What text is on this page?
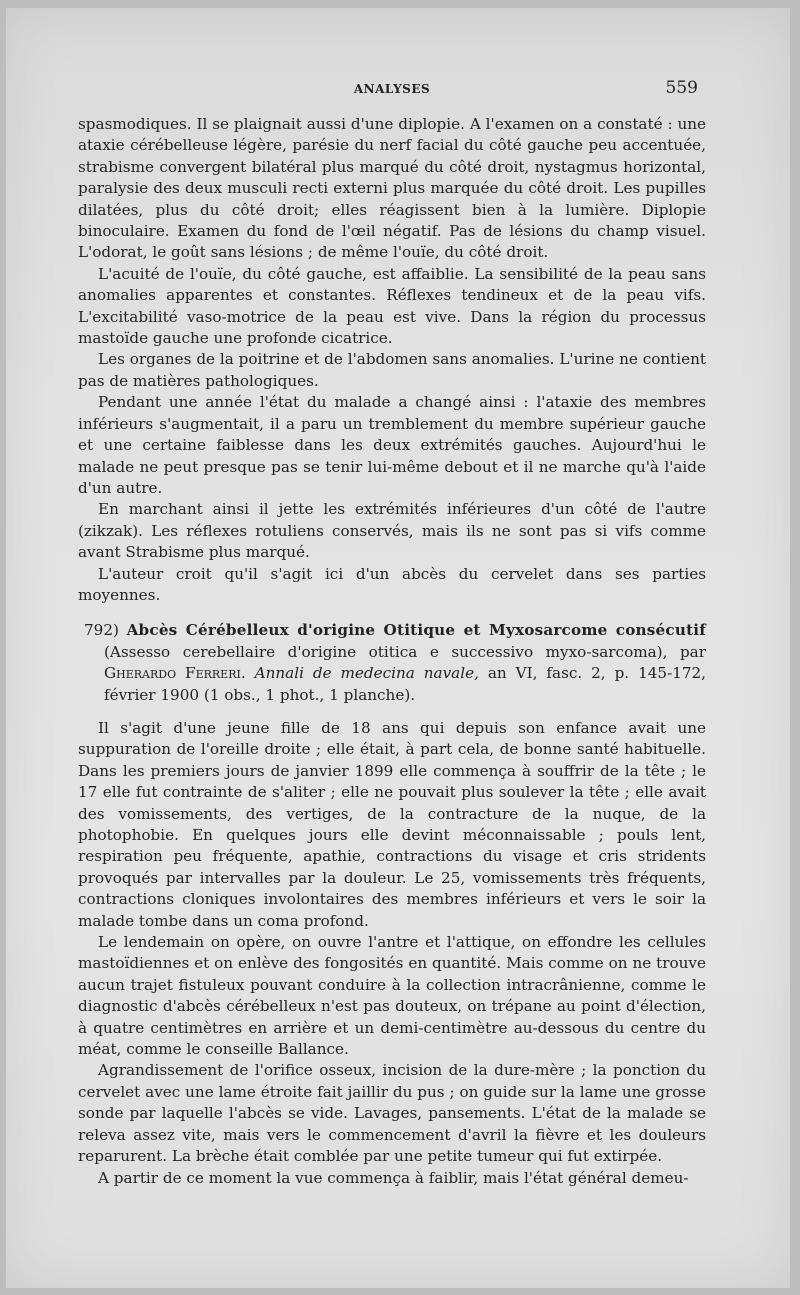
ANALYSES	559

spasmodiques. Il se plaignait aussi d'une diplopie. A l'examen on a constaté : une ataxie cérébelleuse légère, parésie du nerf facial du côté gauche peu accentuée, strabisme convergent bilatéral plus marqué du côté droit, nystagmus horizontal, paralysie des deux musculi recti externi plus marquée du côté droit. Les pupilles dilatées, plus du côté droit; elles réagissent bien à la lumière. Diplopie binoculaire. Examen du fond de l'œil négatif. Pas de lésions du champ visuel. L'odorat, le goût sans lésions ; de même l'ouïe, du côté droit.

L'acuité de l'ouïe, du côté gauche, est affaiblie. La sensibilité de la peau sans anomalies apparentes et constantes. Réflexes tendineux et de la peau vifs. L'excitabilité vaso-motrice de la peau est vive. Dans la région du processus mastoïde gauche une profonde cicatrice.

Les organes de la poitrine et de l'abdomen sans anomalies. L'urine ne contient pas de matières pathologiques.

Pendant une année l'état du malade a changé ainsi : l'ataxie des membres inférieurs s'augmentait, il a paru un tremblement du membre supérieur gauche et une certaine faiblesse dans les deux extrémités gauches. Aujourd'hui le malade ne peut presque pas se tenir lui-même debout et il ne marche qu'à l'aide d'un autre.

En marchant ainsi il jette les extrémités inférieures d'un côté de l'autre (zikzak). Les réflexes rotuliens conservés, mais ils ne sont pas si vifs comme avant Strabisme plus marqué.

L'auteur croit qu'il s'agit ici d'un abcès du cervelet dans ses parties moyennes.

792) Abcès Cérébelleux d'origine Otitique et Myxosarcome consécutif (Assesso cerebellaire d'origine otitica e successivo myxo-sarcoma), par Gherardo Ferreri. Annali de medecina navale, an VI, fasc. 2, p. 145-172, février 1900 (1 obs., 1 phot., 1 planche).

Il s'agit d'une jeune fille de 18 ans qui depuis son enfance avait une suppuration de l'oreille droite ; elle était, à part cela, de bonne santé habituelle. Dans les premiers jours de janvier 1899 elle commença à souffrir de la tête ; le 17 elle fut contrainte de s'aliter ; elle ne pouvait plus soulever la tête ; elle avait des vomissements, des vertiges, de la contracture de la nuque, de la photophobie. En quelques jours elle devint méconnaissable ; pouls lent, respiration peu fréquente, apathie, contractions du visage et cris stridents provoqués par intervalles par la douleur. Le 25, vomissements très fréquents, contractions cloniques involontaires des membres inférieurs et vers le soir la malade tombe dans un coma profond.

Le lendemain on opère, on ouvre l'antre et l'attique, on effondre les cellules mastoïdiennes et on enlève des fongosités en quantité. Mais comme on ne trouve aucun trajet fistuleux pouvant conduire à la collection intracrânienne, comme le diagnostic d'abcès cérébelleux n'est pas douteux, on trépane au point d'élection, à quatre centimètres en arrière et un demi-centimètre au-dessous du centre du méat, comme le conseille Ballance.

Agrandissement de l'orifice osseux, incision de la dure-mère ; la ponction du cervelet avec une lame étroite fait jaillir du pus ; on guide sur la lame une grosse sonde par laquelle l'abcès se vide. Lavages, pansements. L'état de la malade se releva assez vite, mais vers le commencement d'avril la fièvre et les douleurs reparurent. La brèche était comblée par une petite tumeur qui fut extirpée.

A partir de ce moment la vue commença à faiblir, mais l'état général demeu-
